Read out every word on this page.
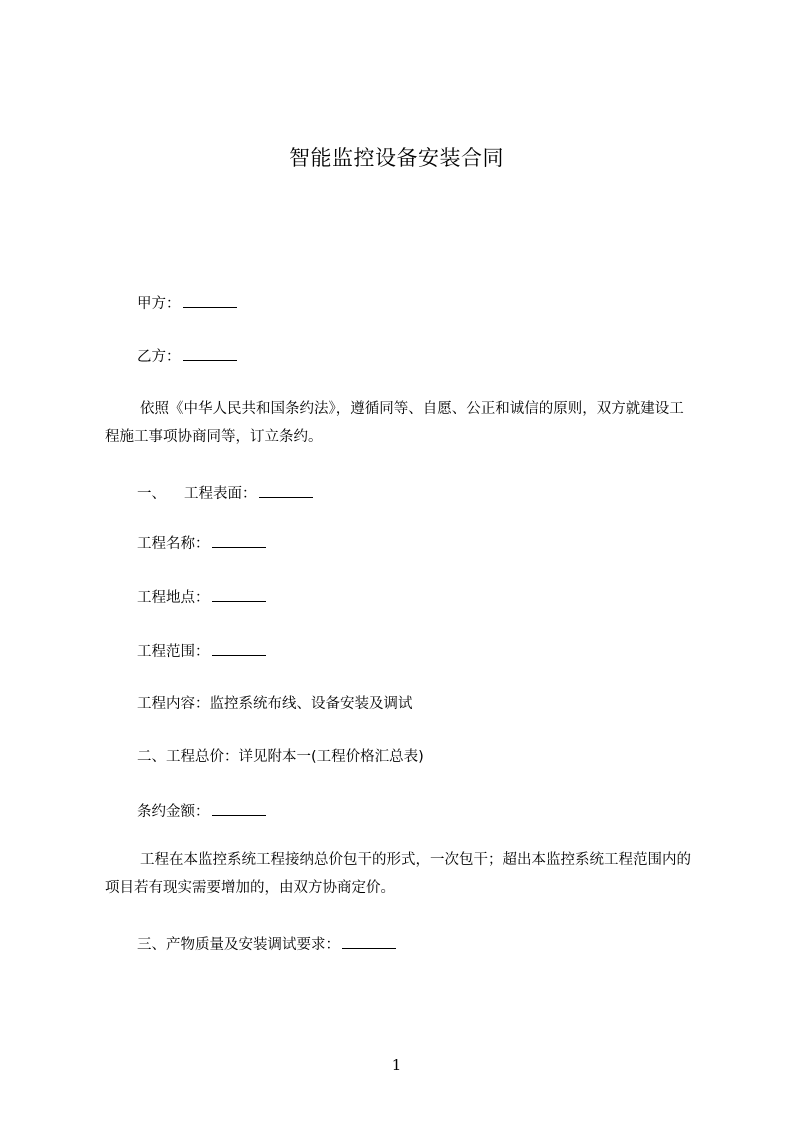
智能监控设备安装合同
甲方：
乙方：
依照《中华人民共和国条约法》，遵循同等、自愿、公正和诚信的原则，双方就建设工程施工事项协商同等，订立条约。
一、 工程表面：
工程名称：
工程地点：
工程范围：
工程内容：监控系统布线、设备安装及调试
二、工程总价：详见附本一(工程价格汇总表)
条约金额：
工程在本监控系统工程接纳总价包干的形式，一次包干；超出本监控系统工程范围内的项目若有现实需要增加的，由双方协商定价。
三、产物质量及安装调试要求：
1
